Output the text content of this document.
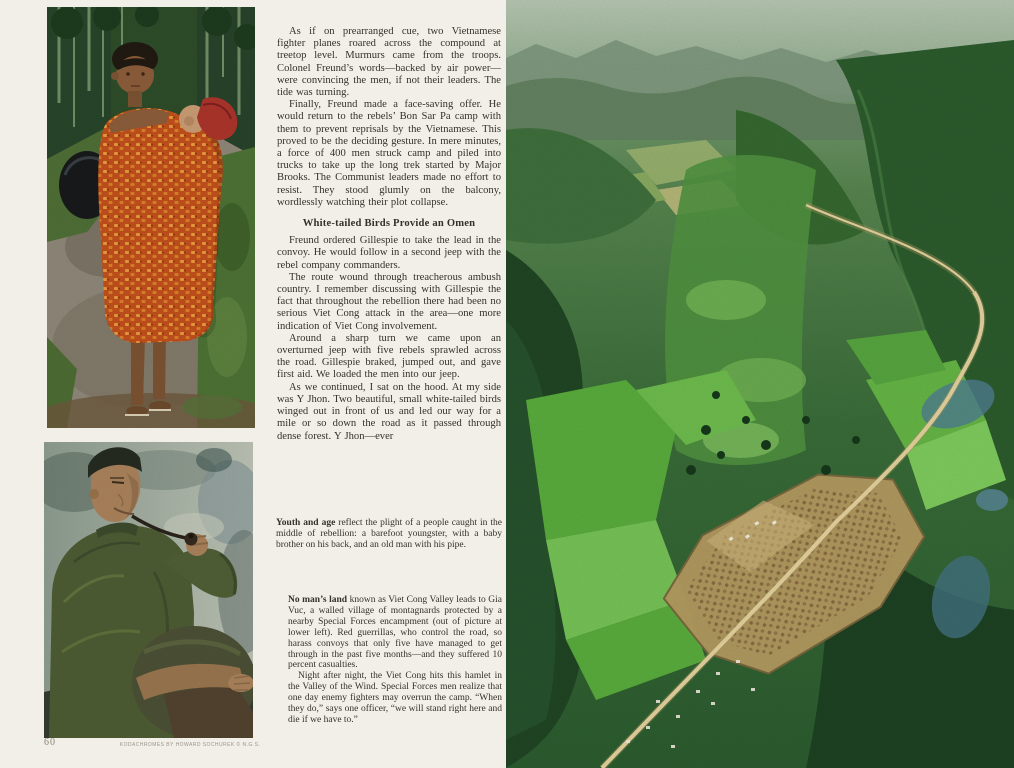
60	KODACHROMES BY HOWARD SOCHUREK © N.G.S.

As if on prearranged cue, two Vietnamese fighter planes roared across the compound at treetop level. Murmurs came from the troops. Colonel Freund’s words—backed by air power—were convincing the men, if not their leaders. The tide was turning.

Finally, Freund made a face-saving offer. He would return to the rebels’ Bon Sar Pa camp with them to prevent reprisals by the Vietnamese. This proved to be the deciding gesture. In mere minutes, a force of 400 men struck camp and piled into trucks to take up the long trek started by Major Brooks. The Communist leaders made no effort to resist. They stood glumly on the balcony, wordlessly watching their plot collapse.

White-tailed Birds Provide an Omen

Freund ordered Gillespie to take the lead in the convoy. He would follow in a second jeep with the rebel company commanders.

The route wound through treacherous ambush country. I remember discussing with Gillespie the fact that throughout the rebellion there had been no serious Viet Cong attack in the area—one more indication of Viet Cong involvement.

Around a sharp turn we came upon an overturned jeep with five rebels sprawled across the road. Gillespie braked, jumped out, and gave first aid. We loaded the men into our jeep.

As we continued, I sat on the hood. At my side was Y Jhon. Two beautiful, small white-tailed birds winged out in front of us and led our way for a mile or so down the road as it passed through dense forest. Y Jhon—ever

Youth and age reflect the plight of a people caught in the middle of rebellion: a barefoot youngster, with a baby brother on his back, and an old man with his pipe.

No man’s land known as Viet Cong Valley leads to Gia Vuc, a walled village of montagnards protected by a nearby Special Forces encampment (out of picture at lower left). Red guerrillas, who control the road, so harass convoys that only five have managed to get through in the past five months—and they suffered 10 percent casualties.

Night after night, the Viet Cong hits this hamlet in the Valley of the Wind. Special Forces men realize that one day enemy fighters may overrun the camp. “When they do,” says one officer, “we will stand right here and die if we have to.”
